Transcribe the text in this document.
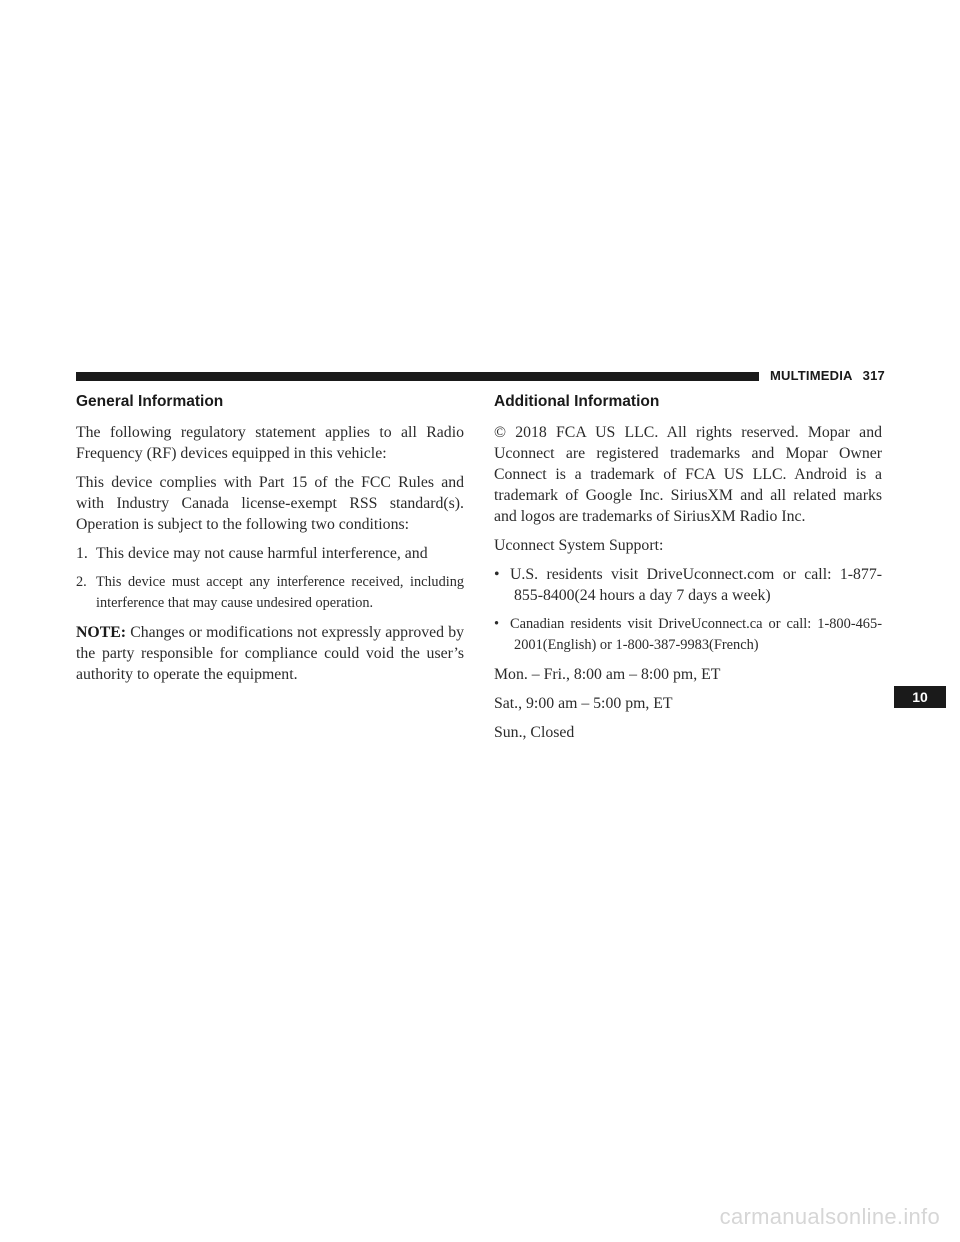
MULTIMEDIA 317
General Information

The following regulatory statement applies to all Radio Frequency (RF) devices equipped in this vehicle:

This device complies with Part 15 of the FCC Rules and with Industry Canada license-exempt RSS standard(s). Operation is subject to the following two conditions:

1. This device may not cause harmful interference, and
2. This device must accept any interference received, including interference that may cause undesired operation.

NOTE: Changes or modifications not expressly approved by the party responsible for compliance could void the user’s authority to operate the equipment.

Additional Information

© 2018 FCA US LLC. All rights reserved. Mopar and Uconnect are registered trademarks and Mopar Owner Connect is a trademark of FCA US LLC. Android is a trademark of Google Inc. SiriusXM and all related marks and logos are trademarks of SiriusXM Radio Inc.

Uconnect System Support:

• U.S. residents visit DriveUconnect.com or call: 1-877-855-8400(24 hours a day 7 days a week)
• Canadian residents visit DriveUconnect.ca or call: 1-800-465-2001(English) or 1-800-387-9983(French)

Mon. – Fri., 8:00 am – 8:00 pm, ET

Sat., 9:00 am – 5:00 pm, ET

Sun., Closed

10
carmanualsonline.info
